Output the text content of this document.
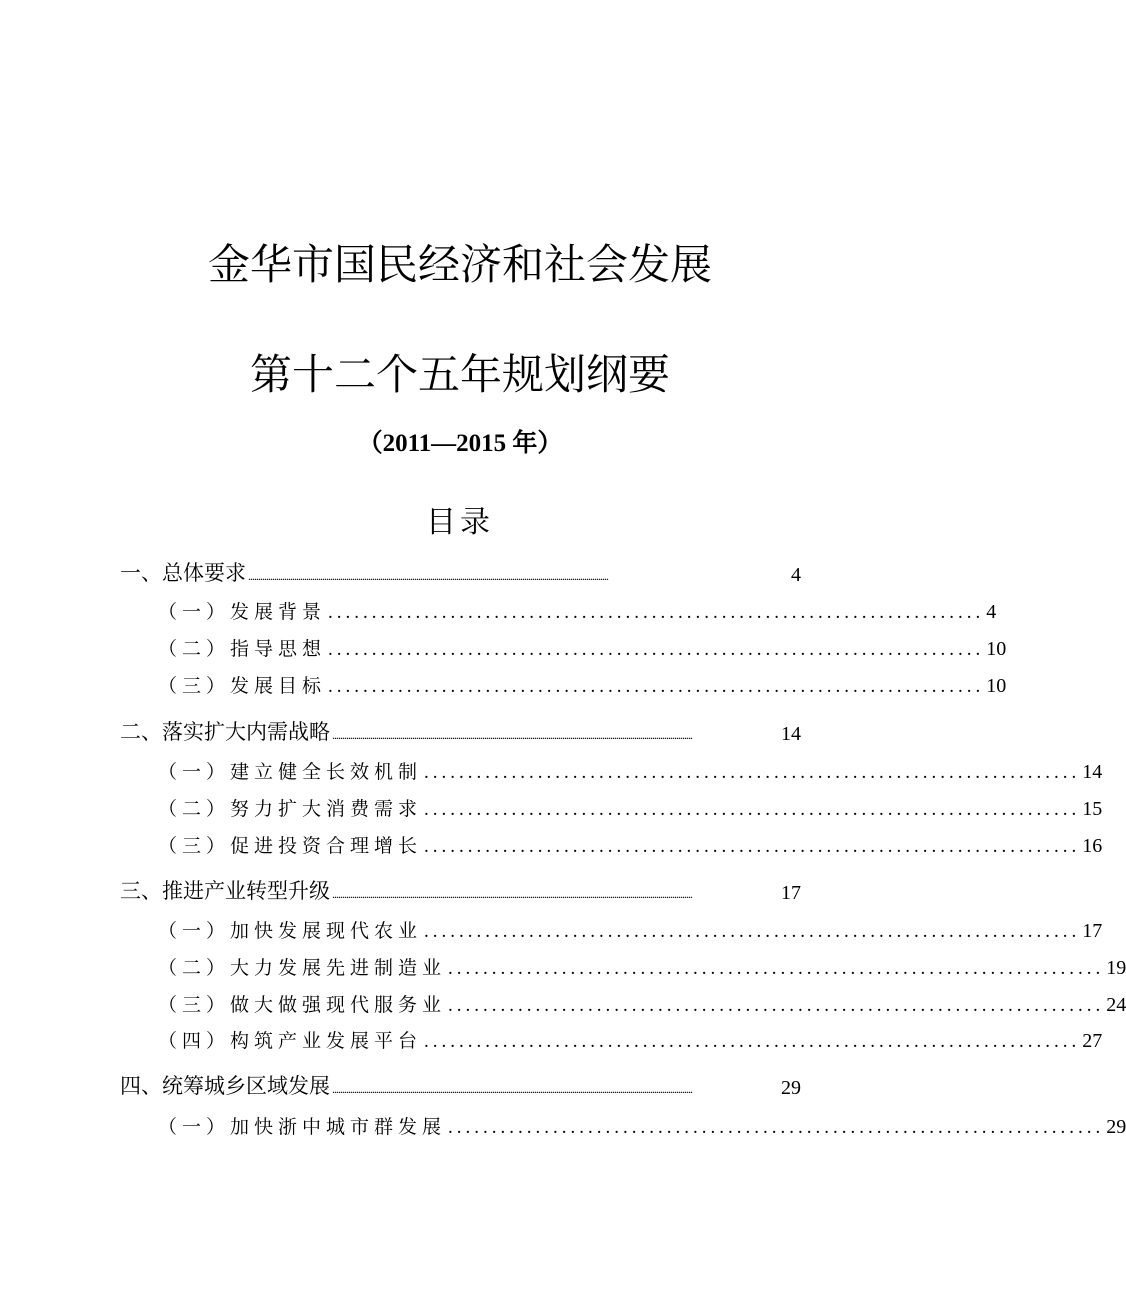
金华市国民经济和社会发展
第十二个五年规划纲要
（2011—2015 年）
目录
一、总体要求 ....................................................................................................................................................................................	4
（一）发展背景 ........................................................................... 4
（二）指导思想 ........................................................................... 10
（三）发展目标 ........................................................................... 10
二、落实扩大内需战略 ....................................................................................................................................................................................	14
（一）建立健全长效机制 ........................................................................... 14
（二）努力扩大消费需求 ........................................................................... 15
（三）促进投资合理增长 ........................................................................... 16
三、推进产业转型升级 ....................................................................................................................................................................................	17
（一）加快发展现代农业 ........................................................................... 17
（二）大力发展先进制造业 ........................................................................... 19
（三）做大做强现代服务业 ........................................................................... 24
（四）构筑产业发展平台 ........................................................................... 27
四、统筹城乡区域发展 ....................................................................................................................................................................................	29
（一）加快浙中城市群发展 ........................................................................... 29
